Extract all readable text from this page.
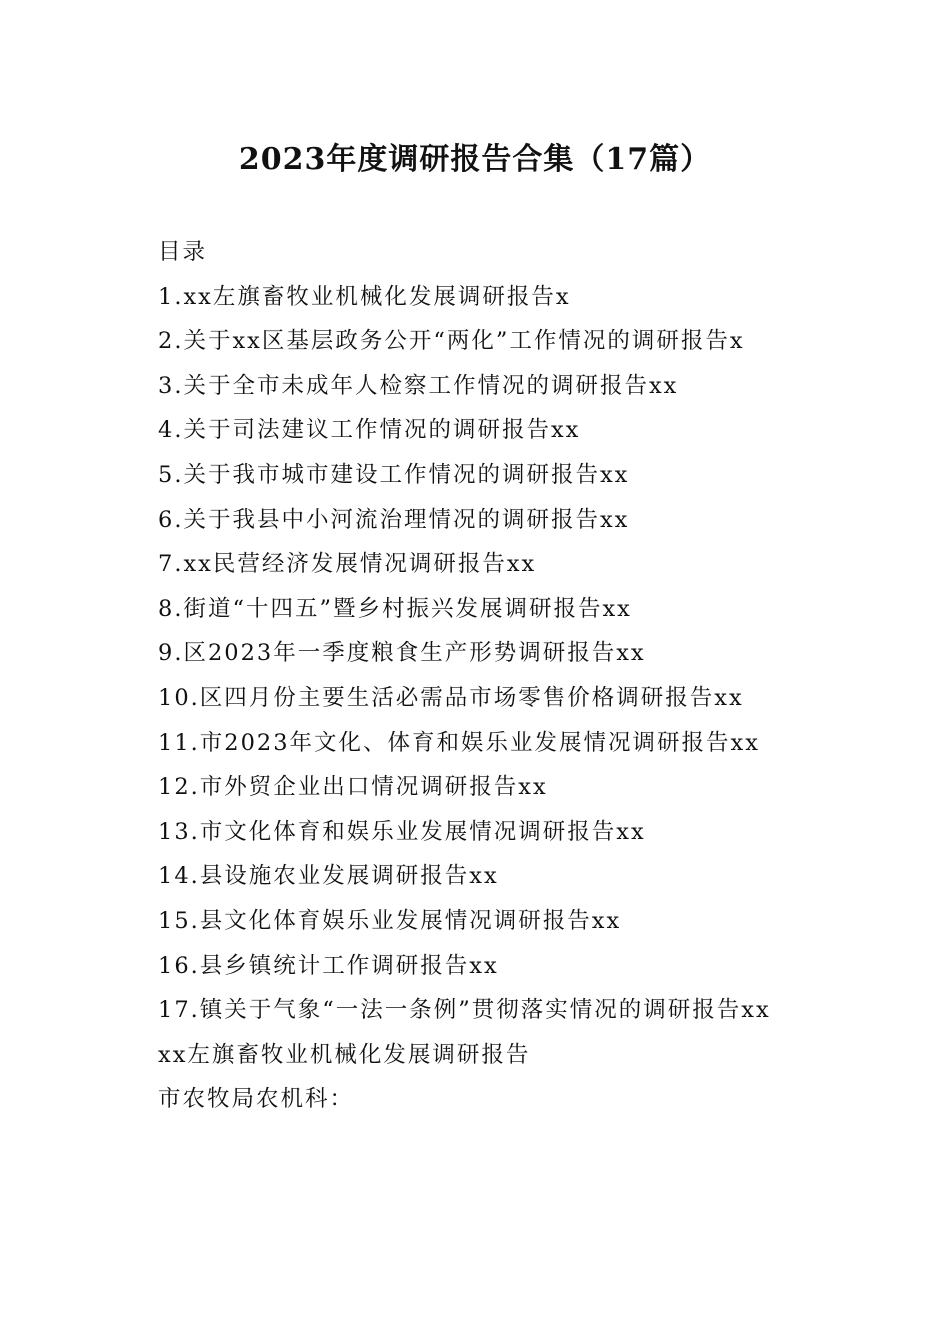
2023年度调研报告合集（17篇）
目录
1.xx左旗畜牧业机械化发展调研报告x
2.关于xx区基层政务公开“两化”工作情况的调研报告x
3.关于全市未成年人检察工作情况的调研报告xx
4.关于司法建议工作情况的调研报告xx
5.关于我市城市建设工作情况的调研报告xx
6.关于我县中小河流治理情况的调研报告xx
7.xx民营经济发展情况调研报告xx
8.街道“十四五”暨乡村振兴发展调研报告xx
9.区2023年一季度粮食生产形势调研报告xx
10.区四月份主要生活必需品市场零售价格调研报告xx
11.市2023年文化、体育和娱乐业发展情况调研报告xx
12.市外贸企业出口情况调研报告xx
13.市文化体育和娱乐业发展情况调研报告xx
14.县设施农业发展调研报告xx
15.县文化体育娱乐业发展情况调研报告xx
16.县乡镇统计工作调研报告xx
17.镇关于气象“一法一条例”贯彻落实情况的调研报告xx
xx左旗畜牧业机械化发展调研报告
市农牧局农机科：
